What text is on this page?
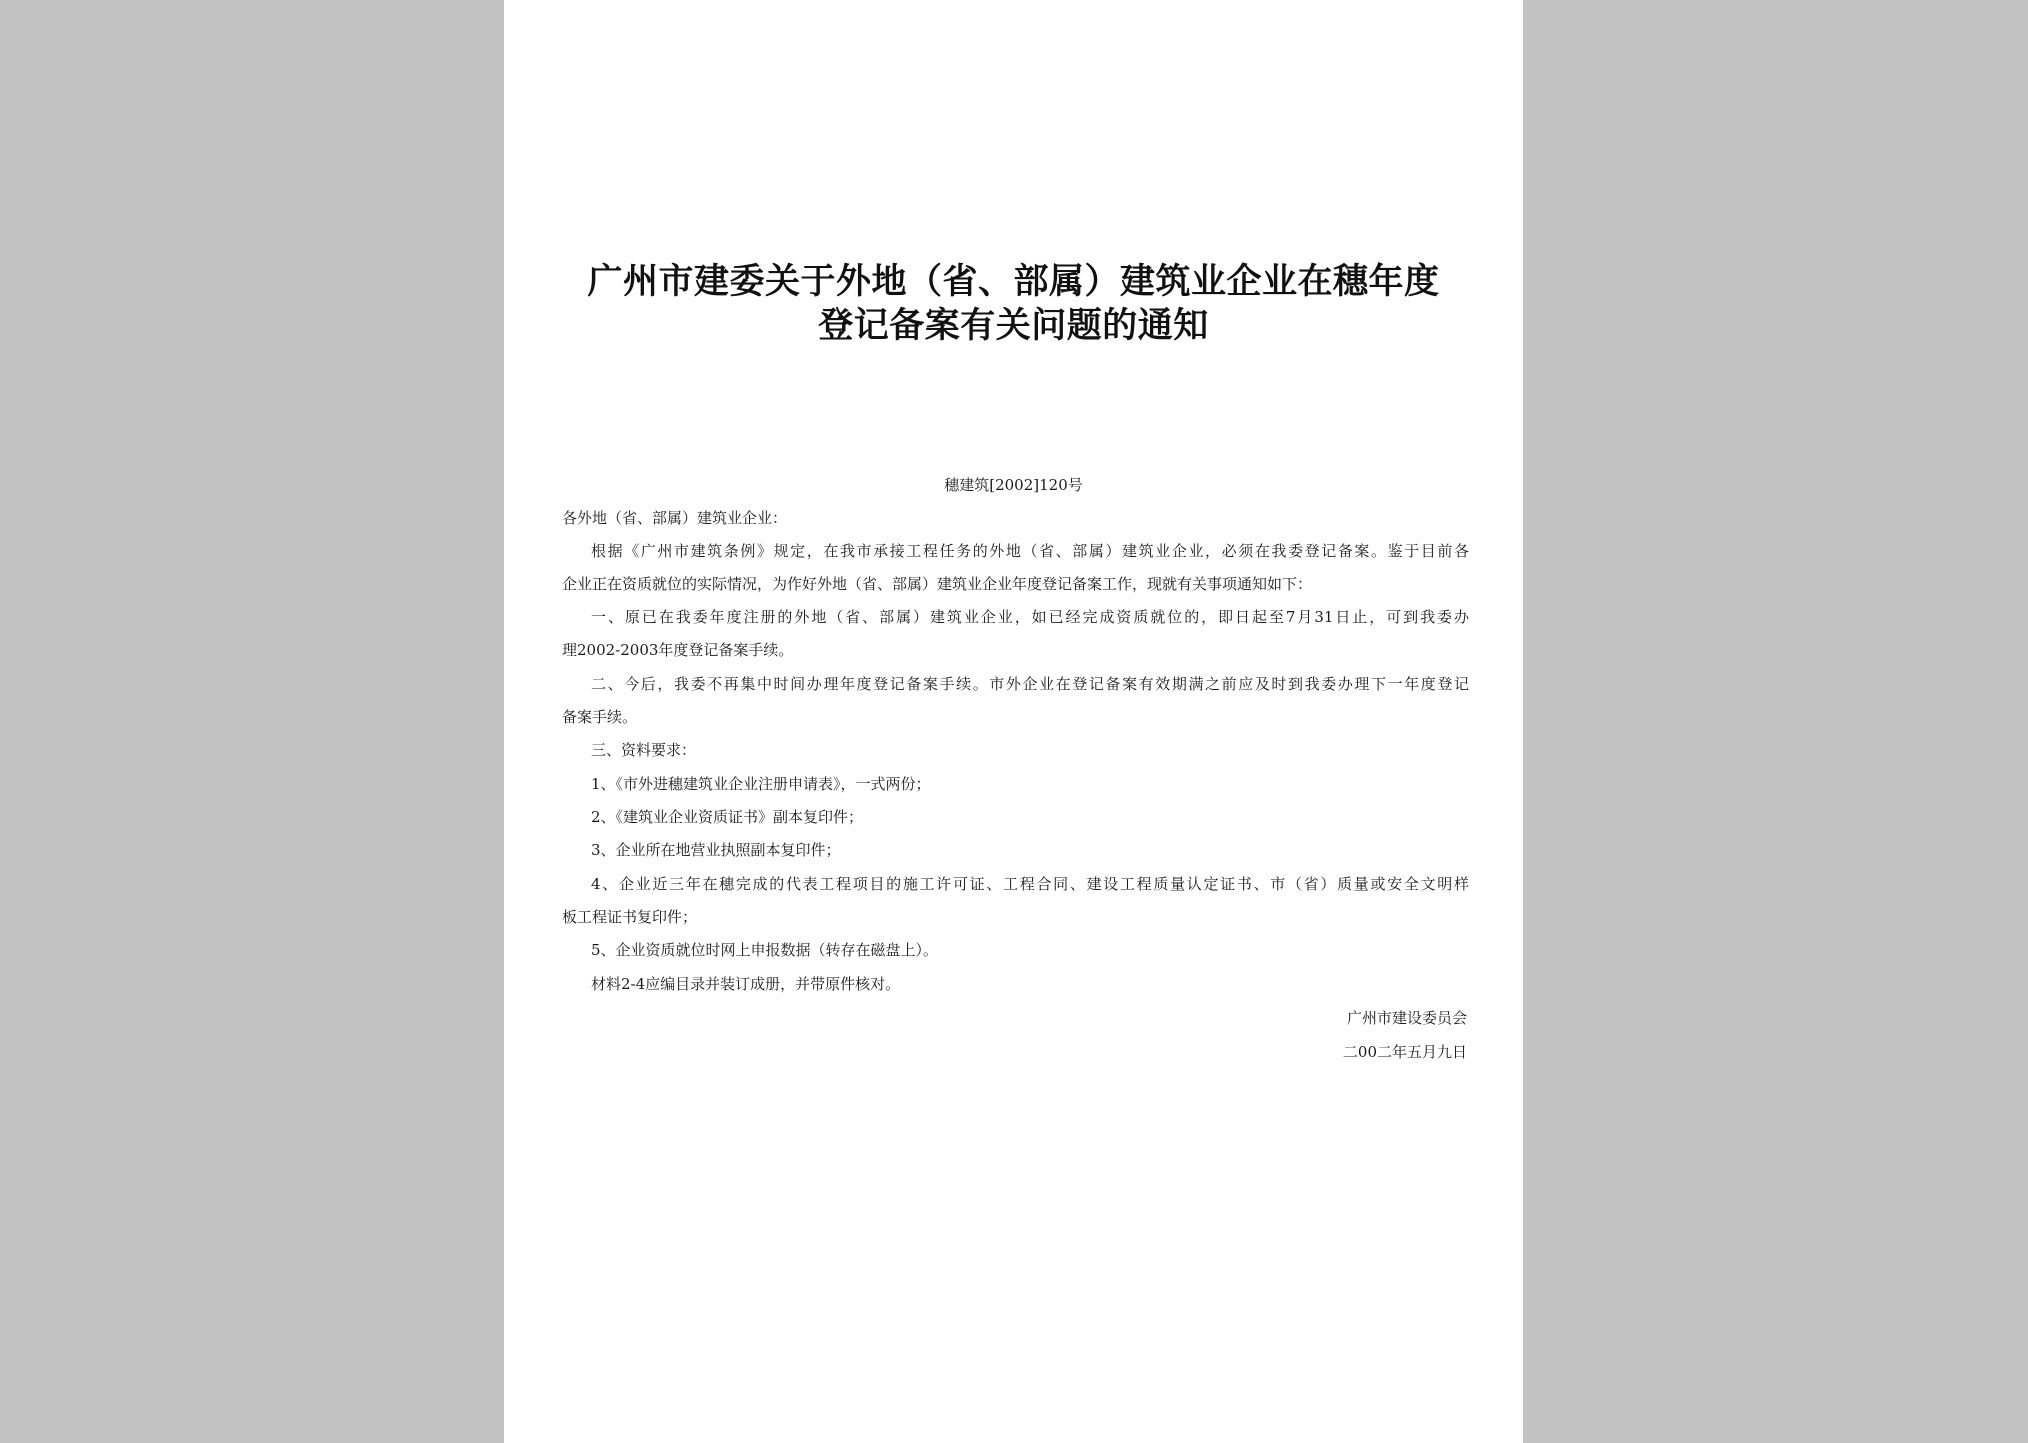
广州市建委关于外地（省、部属）建筑业企业在穗年度
登记备案有关问题的通知
穗建筑[2002]120号
各外地（省、部属）建筑业企业：
根据《广州市建筑条例》规定，在我市承接工程任务的外地（省、部属）建筑业企业，必须在我委登记备案。鉴于目前各
企业正在资质就位的实际情况，为作好外地（省、部属）建筑业企业年度登记备案工作，现就有关事项通知如下：
一、原已在我委年度注册的外地（省、部属）建筑业企业，如已经完成资质就位的，即日起至7月31日止，可到我委办
理2002-2003年度登记备案手续。
二、今后，我委不再集中时间办理年度登记备案手续。市外企业在登记备案有效期满之前应及时到我委办理下一年度登记
备案手续。
三、资料要求：
1、《市外进穗建筑业企业注册申请表》，一式两份；
2、《建筑业企业资质证书》副本复印件；
3、企业所在地营业执照副本复印件；
4、企业近三年在穗完成的代表工程项目的施工许可证、工程合同、建设工程质量认定证书、市（省）质量或安全文明样
板工程证书复印件；
5、企业资质就位时网上申报数据（转存在磁盘上）。
材料2-4应编目录并装订成册，并带原件核对。
广州市建设委员会
二00二年五月九日
